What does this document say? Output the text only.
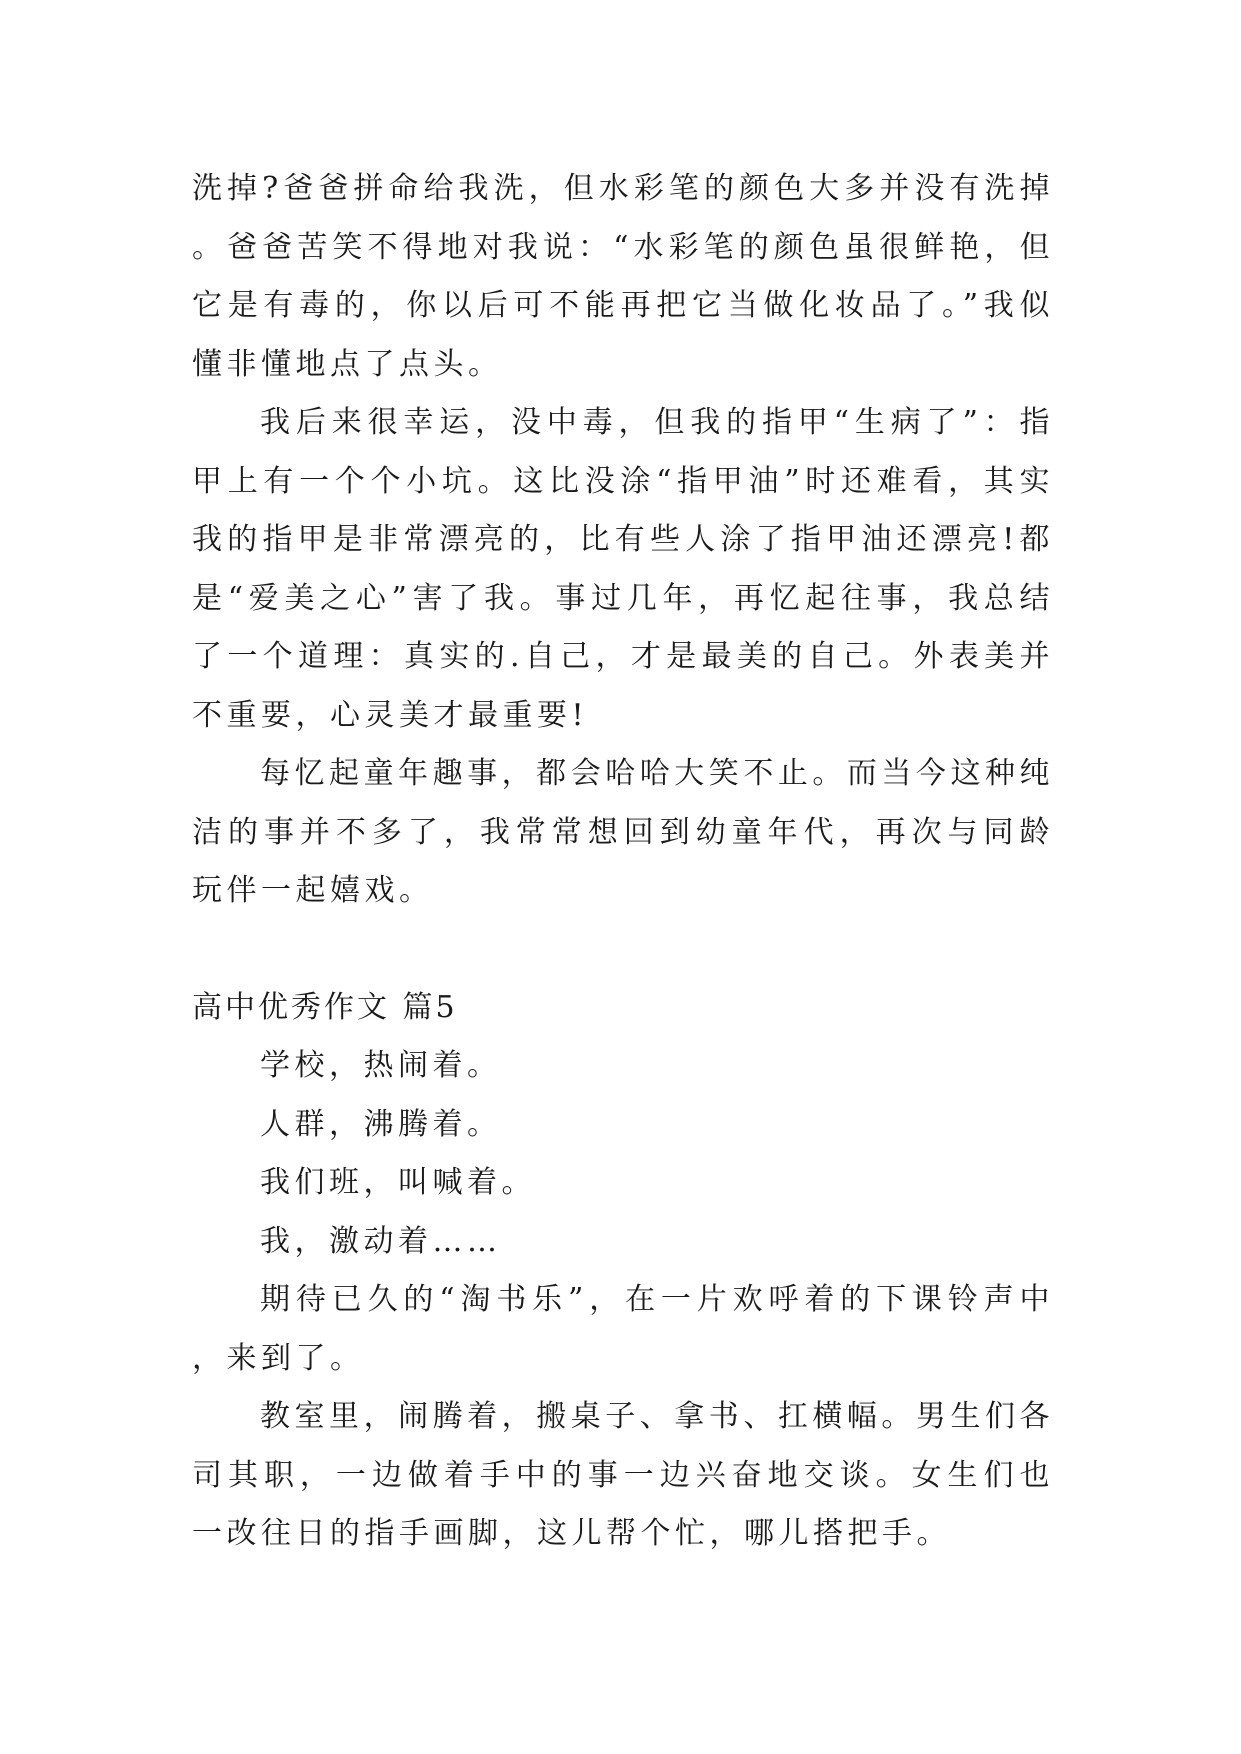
洗掉?爸爸拼命给我洗，但水彩笔的颜色大多并没有洗掉。爸爸苦笑不得地对我说：“水彩笔的颜色虽很鲜艳，但它是有毒的，你以后可不能再把它当做化妆品了。”我似懂非懂地点了点头。

我后来很幸运，没中毒，但我的指甲“生病了”：指甲上有一个个小坑。这比没涂“指甲油”时还难看，其实我的指甲是非常漂亮的，比有些人涂了指甲油还漂亮!都是“爱美之心”害了我。事过几年，再忆起往事，我总结了一个道理：真实的.自己，才是最美的自己。外表美并不重要，心灵美才最重要!

每忆起童年趣事，都会哈哈大笑不止。而当今这种纯洁的事并不多了，我常常想回到幼童年代，再次与同龄玩伴一起嬉戏。

高中优秀作文 篇5

学校，热闹着。

人群，沸腾着。

我们班，叫喊着。

我，激动着……

期待已久的“淘书乐”，在一片欢呼着的下课铃声中，来到了。

教室里，闹腾着，搬桌子、拿书、扛横幅。男生们各司其职，一边做着手中的事一边兴奋地交谈。女生们也一改往日的指手画脚，这儿帮个忙，哪儿搭把手。
